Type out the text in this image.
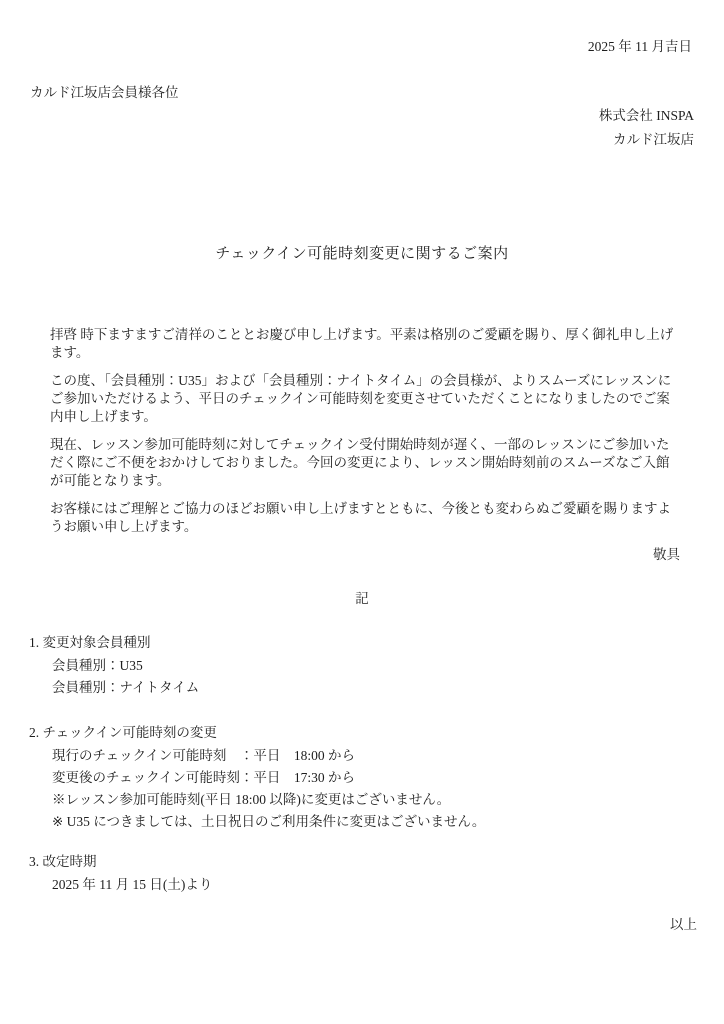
2025 年 11 月吉日
カルド江坂店会員様各位
株式会社 INSPA
カルド江坂店
チェックイン可能時刻変更に関するご案内

拝啓 時下ますますご清祥のこととお慶び申し上げます。平素は格別のご愛顧を賜り、厚く御礼申し上げます。

この度、「会員種別：U35」および「会員種別：ナイトタイム」の会員様が、よりスムーズにレッスンにご参加いただけるよう、平日のチェックイン可能時刻を変更させていただくことになりましたのでご案内申し上げます。

現在、レッスン参加可能時刻に対してチェックイン受付開始時刻が遅く、一部のレッスンにご参加いただく際にご不便をおかけしておりました。今回の変更により、レッスン開始時刻前のスムーズなご入館が可能となります。

お客様にはご理解とご協力のほどお願い申し上げますとともに、今後とも変わらぬご愛顧を賜りますようお願い申し上げます。

敬具
記
1. 変更対象会員種別
会員種別：U35
会員種別：ナイトタイム
2. チェックイン可能時刻の変更
現行のチェックイン可能時刻　：平日　18:00 から
変更後のチェックイン可能時刻：平日　17:30 から
※レッスン参加可能時刻(平日 18:00 以降)に変更はございません。
※ U35 につきましては、土日祝日のご利用条件に変更はございません。
3. 改定時期
2025 年 11 月 15 日(土)より
以上
